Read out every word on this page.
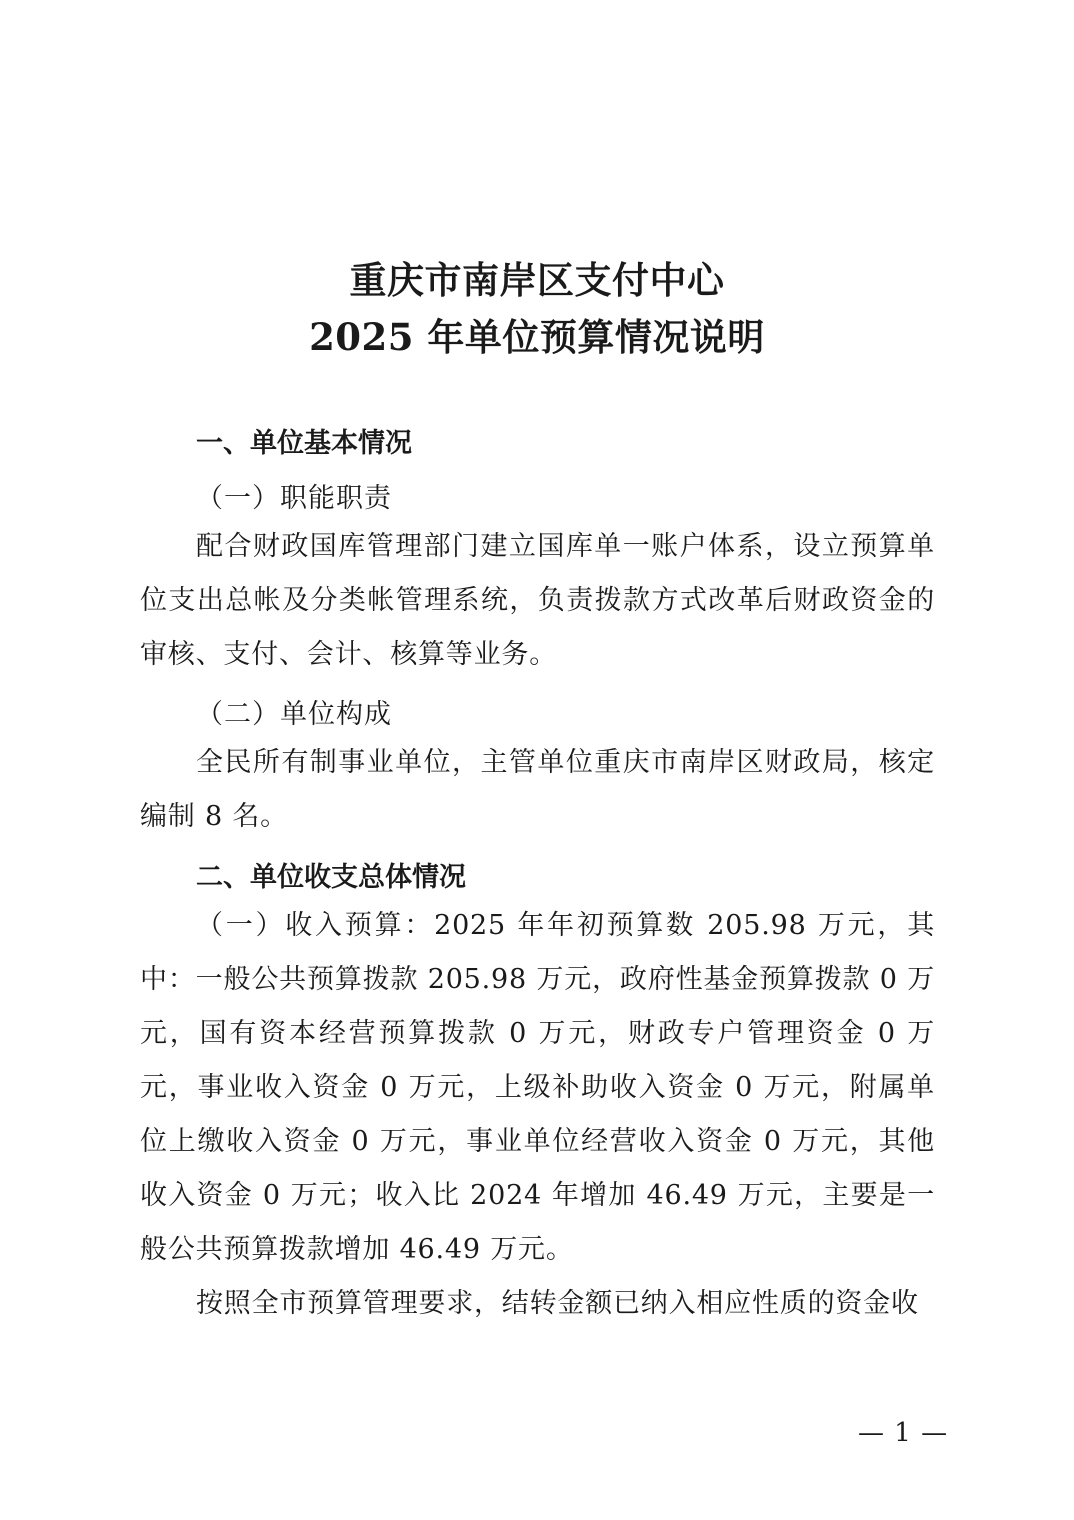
重庆市南岸区支付中心
2025 年单位预算情况说明
一、单位基本情况
（一）职能职责
配合财政国库管理部门建立国库单一账户体系，设立预算单位支出总帐及分类帐管理系统，负责拨款方式改革后财政资金的审核、支付、会计、核算等业务。
（二）单位构成
全民所有制事业单位，主管单位重庆市南岸区财政局，核定编制 8 名。
二、单位收支总体情况
（一）收入预算：2025 年年初预算数 205.98 万元，其中：一般公共预算拨款 205.98 万元，政府性基金预算拨款 0 万元，国有资本经营预算拨款 0 万元，财政专户管理资金 0 万元，事业收入资金 0 万元，上级补助收入资金 0 万元，附属单位上缴收入资金 0 万元，事业单位经营收入资金 0 万元，其他收入资金 0 万元；收入比 2024 年增加 46.49 万元，主要是一般公共预算拨款增加 46.49 万元。
按照全市预算管理要求，结转金额已纳入相应性质的资金收
— 1 —
